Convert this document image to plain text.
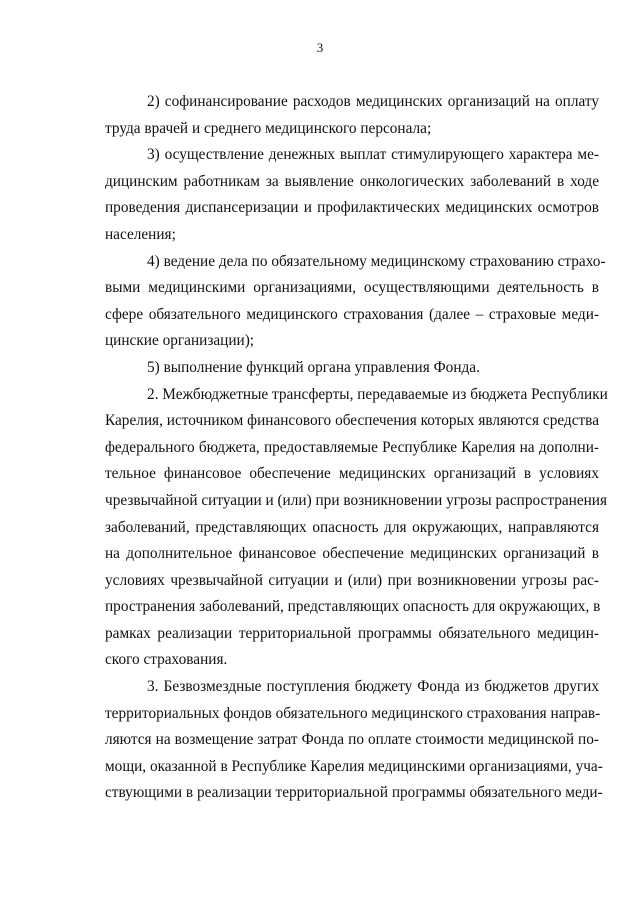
3
2) софинансирование расходов медицинских организаций на оплату
труда врачей и среднего медицинского персонала;
3) осуществление денежных выплат стимулирующего характера ме-
дицинским работникам за выявление онкологических заболеваний в ходе
проведения диспансеризации и профилактических медицинских осмотров
населения;
4) ведение дела по обязательному медицинскому страхованию страхо-
выми медицинскими организациями, осуществляющими деятельность в
сфере обязательного медицинского страхования (далее – страховые меди-
цинские организации);
5) выполнение функций органа управления Фонда.
2. Межбюджетные трансферты, передаваемые из бюджета Республики
Карелия, источником финансового обеспечения которых являются средства
федерального бюджета, предоставляемые Республике Карелия на дополни-
тельное финансовое обеспечение медицинских организаций в условиях
чрезвычайной ситуации и (или) при возникновении угрозы распространения
заболеваний, представляющих опасность для окружающих, направляются
на дополнительное финансовое обеспечение медицинских организаций в
условиях чрезвычайной ситуации и (или) при возникновении угрозы рас-
пространения заболеваний, представляющих опасность для окружающих, в
рамках реализации территориальной программы обязательного медицин-
ского страхования.
3. Безвозмездные поступления бюджету Фонда из бюджетов других
территориальных фондов обязательного медицинского страхования направ-
ляются на возмещение затрат Фонда по оплате стоимости медицинской по-
мощи, оказанной в Республике Карелия медицинскими организациями, уча-
ствующими в реализации территориальной программы обязательного меди-
